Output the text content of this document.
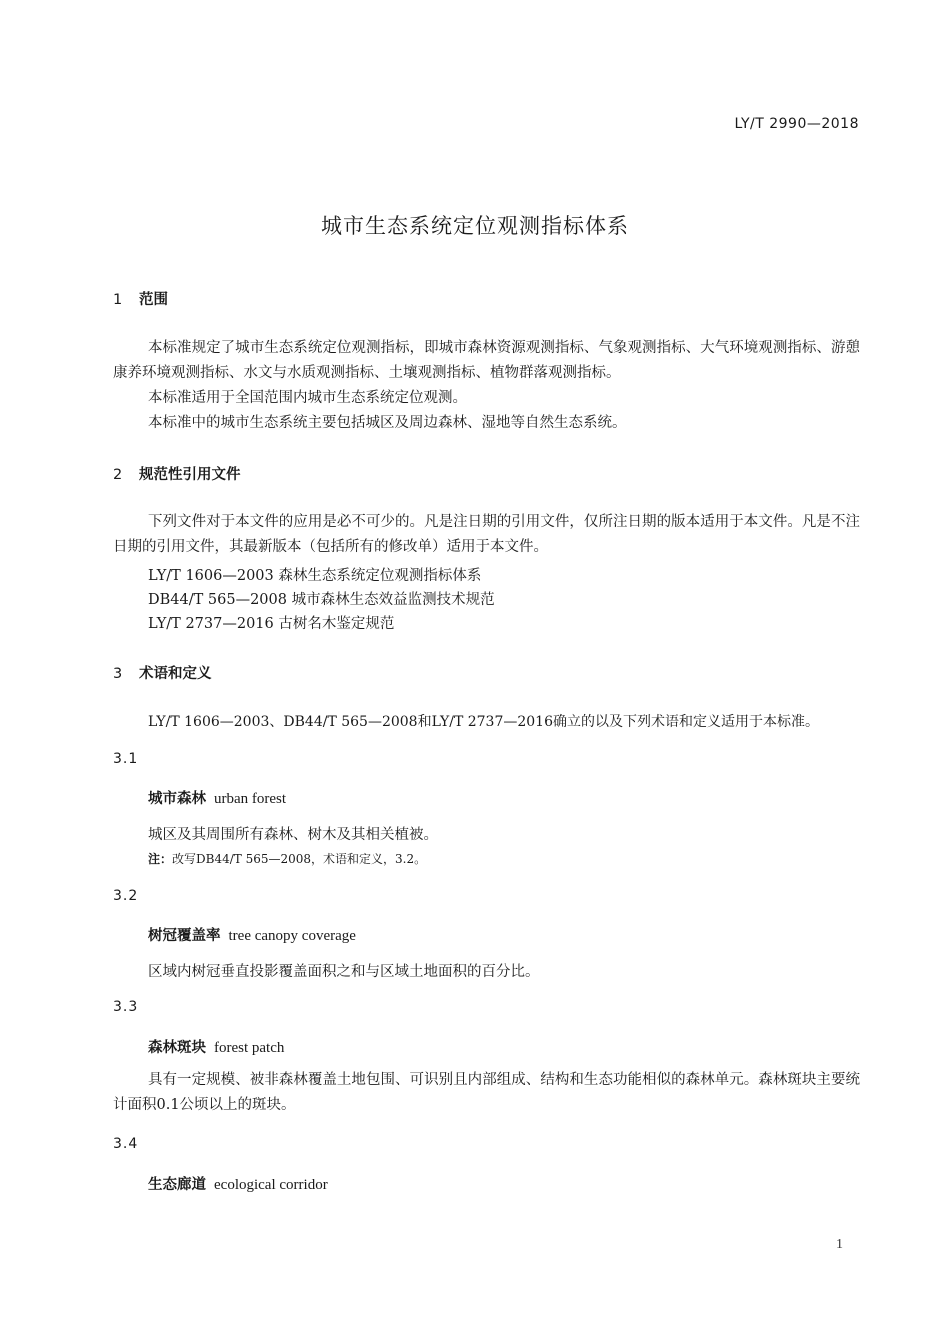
LY/T 2990—2018
城市生态系统定位观测指标体系
1 范围
本标准规定了城市生态系统定位观测指标，即城市森林资源观测指标、气象观测指标、大气环境观测指标、游憩康养环境观测指标、水文与水质观测指标、土壤观测指标、植物群落观测指标。
本标准适用于全国范围内城市生态系统定位观测。
本标准中的城市生态系统主要包括城区及周边森林、湿地等自然生态系统。
2 规范性引用文件
下列文件对于本文件的应用是必不可少的。凡是注日期的引用文件，仅所注日期的版本适用于本文件。凡是不注日期的引用文件，其最新版本（包括所有的修改单）适用于本文件。
LY/T 1606—2003 森林生态系统定位观测指标体系
DB44/T 565—2008 城市森林生态效益监测技术规范
LY/T 2737—2016 古树名木鉴定规范
3 术语和定义
LY/T 1606—2003、DB44/T 565—2008和LY/T 2737—2016确立的以及下列术语和定义适用于本标准。
3.1
城市森林 urban forest
城区及其周围所有森林、树木及其相关植被。
注：改写DB44/T 565—2008，术语和定义，3.2。
3.2
树冠覆盖率 tree canopy coverage
区域内树冠垂直投影覆盖面积之和与区域土地面积的百分比。
3.3
森林斑块 forest patch
具有一定规模、被非森林覆盖土地包围、可识别且内部组成、结构和生态功能相似的森林单元。森林斑块主要统计面积0.1公顷以上的斑块。
3.4
生态廊道 ecological corridor
1
